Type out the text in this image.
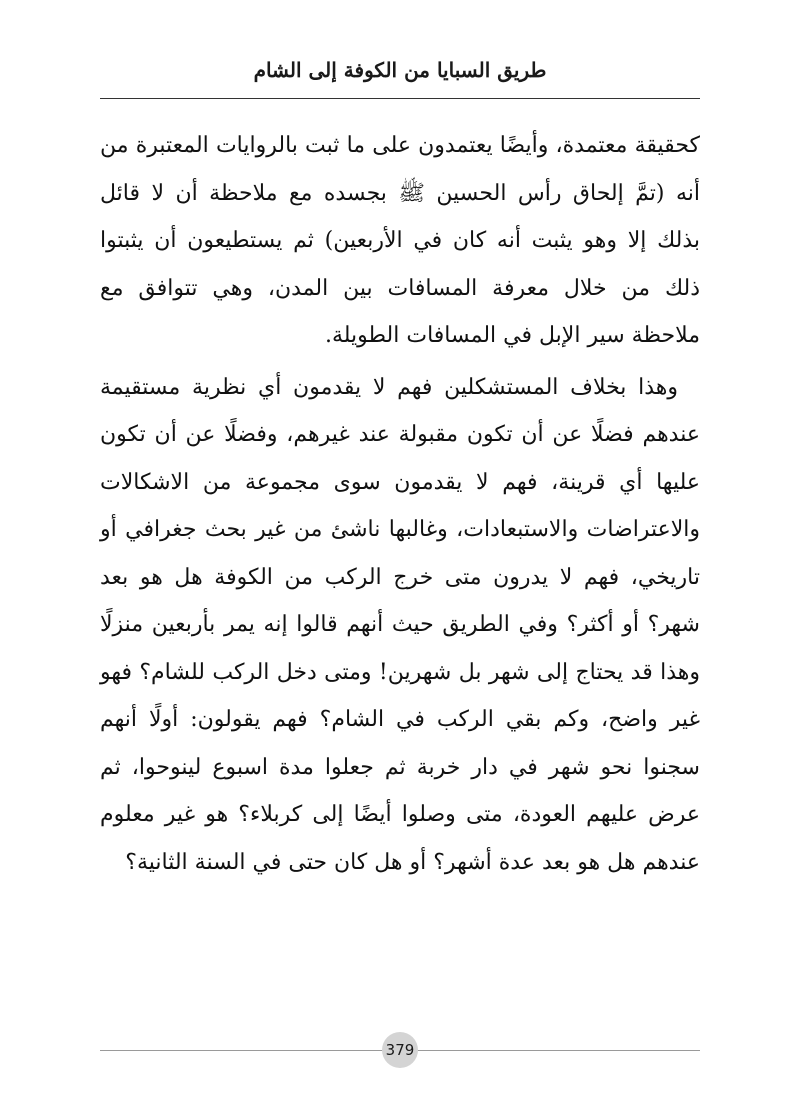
طريق السبايا من الكوفة إلى الشام

كحقيقة معتمدة، وأيضًا يعتمدون على ما ثبت بالروايات المعتبرة من أنه (تمَّ إلحاق رأس الحسين ﷺ بجسده مع ملاحظة أن لا قائل بذلك إلا وهو يثبت أنه كان في الأربعين) ثم يستطيعون أن يثبتوا ذلك من خلال معرفة المسافات بين المدن، وهي تتوافق مع ملاحظة سير الإبل في المسافات الطويلة.

وهذا بخلاف المستشكلين فهم لا يقدمون أي نظرية مستقيمة عندهم فضلًا عن أن تكون مقبولة عند غيرهم، وفضلًا عن أن تكون عليها أي قرينة، فهم لا يقدمون سوى مجموعة من الاشكالات والاعتراضات والاستبعادات، وغالبها ناشئ من غير بحث جغرافي أو تاريخي، فهم لا يدرون متى خرج الركب من الكوفة هل هو بعد شهر؟ أو أكثر؟ وفي الطريق حيث أنهم قالوا إنه يمر بأربعين منزلًا وهذا قد يحتاج إلى شهر بل شهرين! ومتى دخل الركب للشام؟ فهو غير واضح، وكم بقي الركب في الشام؟ فهم يقولون: أولًا أنهم سجنوا نحو شهر في دار خربة ثم جعلوا مدة اسبوع لينوحوا، ثم عرض عليهم العودة، متى وصلوا أيضًا إلى كربلاء؟ هو غير معلوم عندهم هل هو بعد عدة أشهر؟ أو هل كان حتى في السنة الثانية؟

379
